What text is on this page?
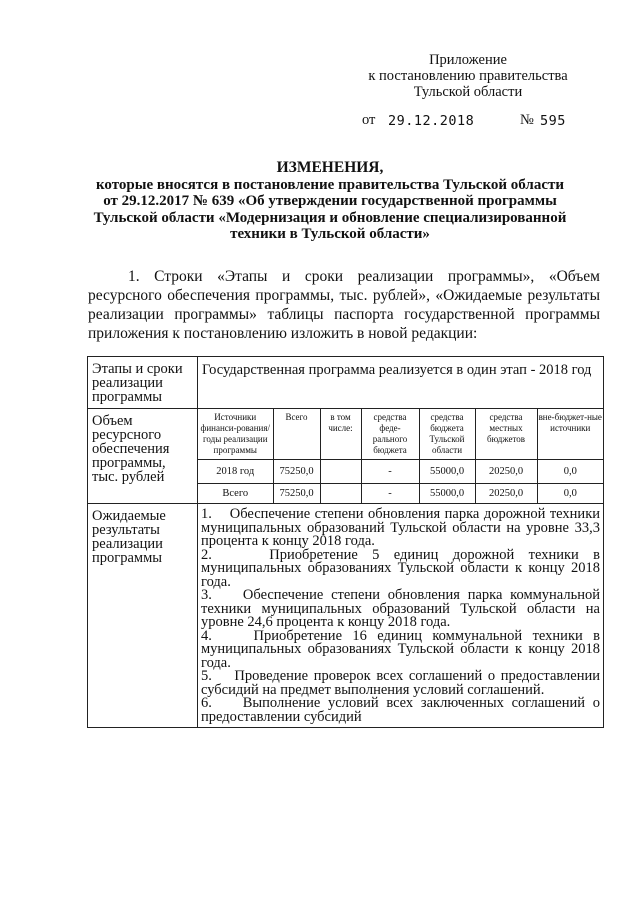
Приложение
к постановлению правительства
Тульской области
от 29.12.2018	№ 595
ИЗМЕНЕНИЯ,
которые вносятся в постановление правительства Тульской области
от 29.12.2017 № 639 «Об утверждении государственной программы
Тульской области «Модернизация и обновление специализированной
техники в Тульской области»
1. Строки «Этапы и сроки реализации программы», «Объем ресурсного обеспечения программы, тыс. рублей», «Ожидаемые результаты реализации программы» таблицы паспорта государственной программы приложения к постановлению изложить в новой редакции:
Этапы и сроки реализации программы	Государственная программа реализуется в один этап - 2018 год
Объем ресурсного обеспечения программы, тыс. рублей	
Источники финанси-рования/ годы реализации программы	Всего	в том числе:	средства феде-рального бюджета	средства бюджета Тульской области	средства местных бюджетов	вне-бюджет-ные источники
2018 год	75250,0		-	55000,0	20250,0	0,0
Всего	75250,0		-	55000,0	20250,0	0,0

Ожидаемые результаты реализации программы	
1.    Обеспечение степени обновления парка дорожной техники муниципальных образований Тульской области на уровне 33,3 процента к концу 2018 года.
2.    Приобретение 5 единиц дорожной техники в муниципальных образованиях Тульской области к концу 2018 года.
3.    Обеспечение степени обновления парка коммунальной техники муниципальных образований Тульской области на уровне 24,6 процента к концу 2018 года.
4.    Приобретение 16 единиц коммунальной техники в муниципальных образованиях Тульской области к концу 2018 года.
5.    Проведение проверок всех соглашений о предоставлении субсидий на предмет выполнения условий соглашений.
6.    Выполнение условий всех заключенных соглашений о предоставлении субсидий
